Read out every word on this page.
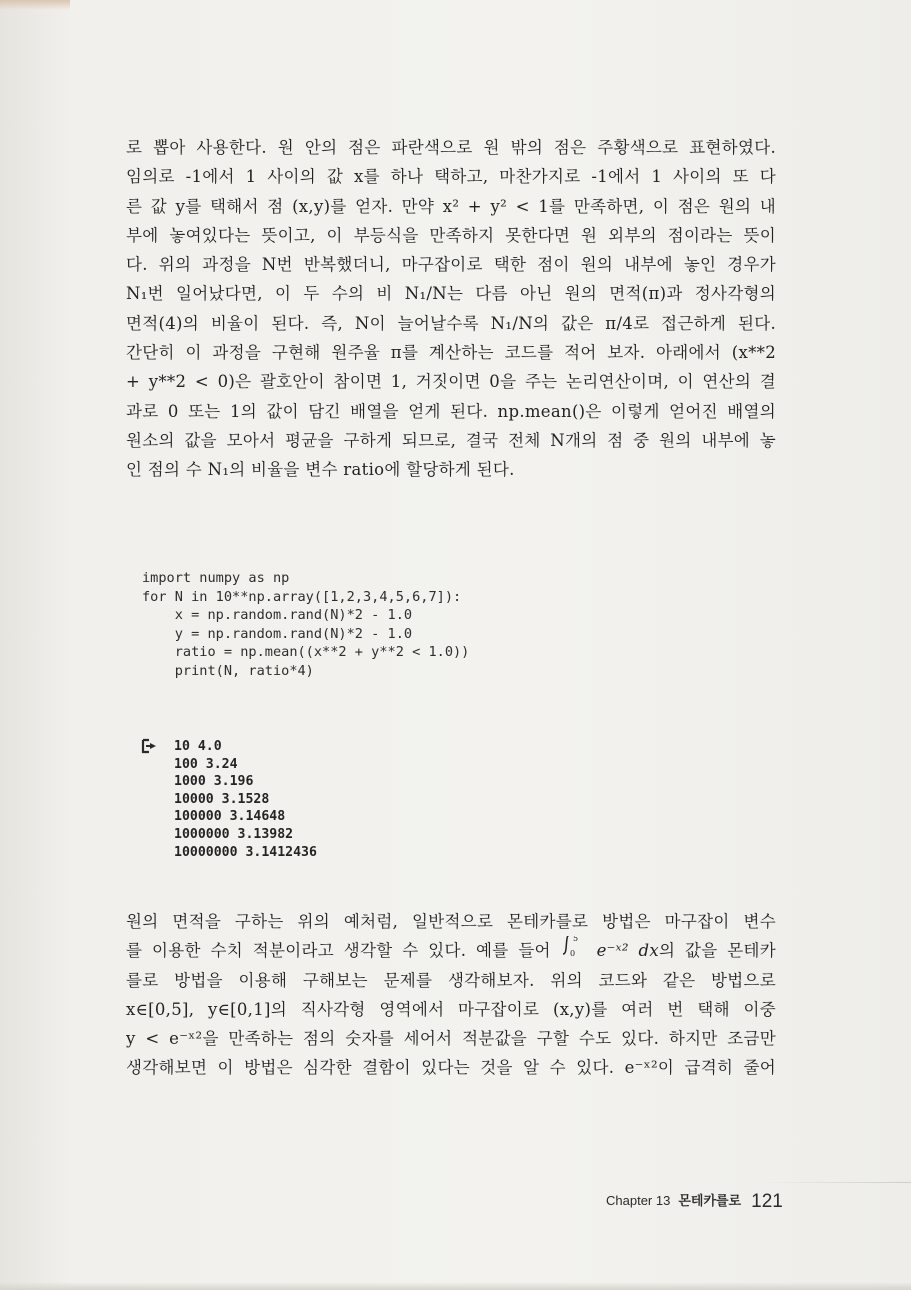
로 뽑아 사용한다. 원 안의 점은 파란색으로 원 밖의 점은 주황색으로 표현하였다.
임의로 -1에서 1 사이의 값 x를 하나 택하고, 마찬가지로 -1에서 1 사이의 또 다
른 값 y를 택해서 점 (x,y)를 얻자. 만약 x² + y² < 1를 만족하면, 이 점은 원의 내
부에 놓여있다는 뜻이고, 이 부등식을 만족하지 못한다면 원 외부의 점이라는 뜻이
다. 위의 과정을 N번 반복했더니, 마구잡이로 택한 점이 원의 내부에 놓인 경우가
N₁번 일어났다면, 이 두 수의 비 N₁/N는 다름 아닌 원의 면적(π)과 정사각형의
면적(4)의 비율이 된다. 즉, N이 늘어날수록 N₁/N의 값은 π/4로 접근하게 된다.
간단히 이 과정을 구현해 원주율 π를 계산하는 코드를 적어 보자. 아래에서 (x**2
+ y**2 < 0)은 괄호안이 참이면 1, 거짓이면 0을 주는 논리연산이며, 이 연산의 결
과로 0 또는 1의 값이 담긴 배열을 얻게 된다. np.mean()은 이렇게 얻어진 배열의
원소의 값을 모아서 평균을 구하게 되므로, 결국 전체 N개의 점 중 원의 내부에 놓
인 점의 수 N₁의 비율을 변수 ratio에 할당하게 된다.

import numpy as np
for N in 10**np.array([1,2,3,4,5,6,7]):
x = np.random.rand(N)*2 - 1.0
y = np.random.rand(N)*2 - 1.0
ratio = np.mean((x**2 + y**2 < 1.0))
print(N, ratio*4)
10 4.0
100 3.24
1000 3.196
10000 3.1528
100000 3.14648
1000000 3.13982
10000000 3.1412436

원의 면적을 구하는 위의 예처럼, 일반적으로 몬테카를로 방법은 마구잡이 변수
를 이용한 수치 적분이라고 생각할 수 있다. 예를 들어
5
0 e⁻ˣ² dx의 값을 몬테카
를로 방법을 이용해 구해보는 문제를 생각해보자. 위의 코드와 같은 방법으로
x∈[0,5], y∈[0,1]의 직사각형 영역에서 마구잡이로 (x,y)를 여러 번 택해 이중
y < e⁻ˣ²을 만족하는 점의 숫자를 세어서 적분값을 구할 수도 있다. 하지만 조금만
생각해보면 이 방법은 심각한 결함이 있다는 것을 알 수 있다. e⁻ˣ²이 급격히 줄어

Chapter 13 몬테카를로 121
